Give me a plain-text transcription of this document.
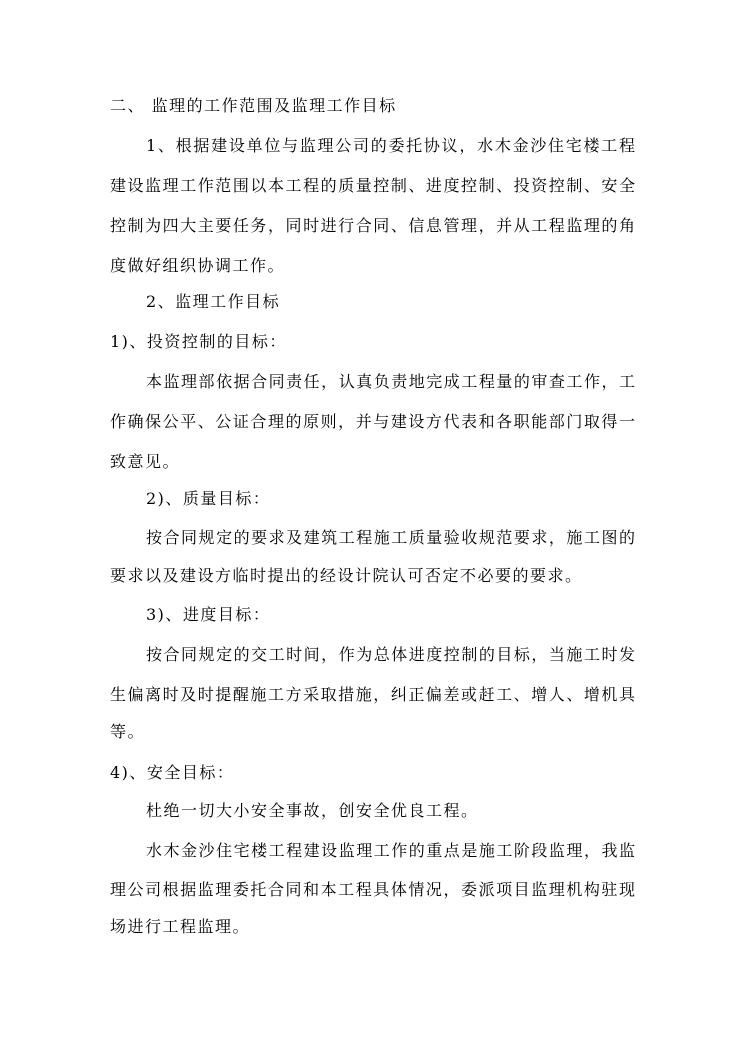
二、 监理的工作范围及监理工作目标
1、根据建设单位与监理公司的委托协议，水木金沙住宅楼工程
建设监理工作范围以本工程的质量控制、进度控制、投资控制、安全
控制为四大主要任务，同时进行合同、信息管理，并从工程监理的角
度做好组织协调工作。
2、监理工作目标
1)、投资控制的目标：
本监理部依据合同责任，认真负责地完成工程量的审查工作，工
作确保公平、公证合理的原则，并与建设方代表和各职能部门取得一
致意见。
2)、质量目标：
按合同规定的要求及建筑工程施工质量验收规范要求，施工图的
要求以及建设方临时提出的经设计院认可否定不必要的要求。
3)、进度目标：
按合同规定的交工时间，作为总体进度控制的目标，当施工时发
生偏离时及时提醒施工方采取措施，纠正偏差或赶工、增人、增机具
等。
4)、安全目标：
杜绝一切大小安全事故，创安全优良工程。
水木金沙住宅楼工程建设监理工作的重点是施工阶段监理，我监
理公司根据监理委托合同和本工程具体情况，委派项目监理机构驻现
场进行工程监理。
